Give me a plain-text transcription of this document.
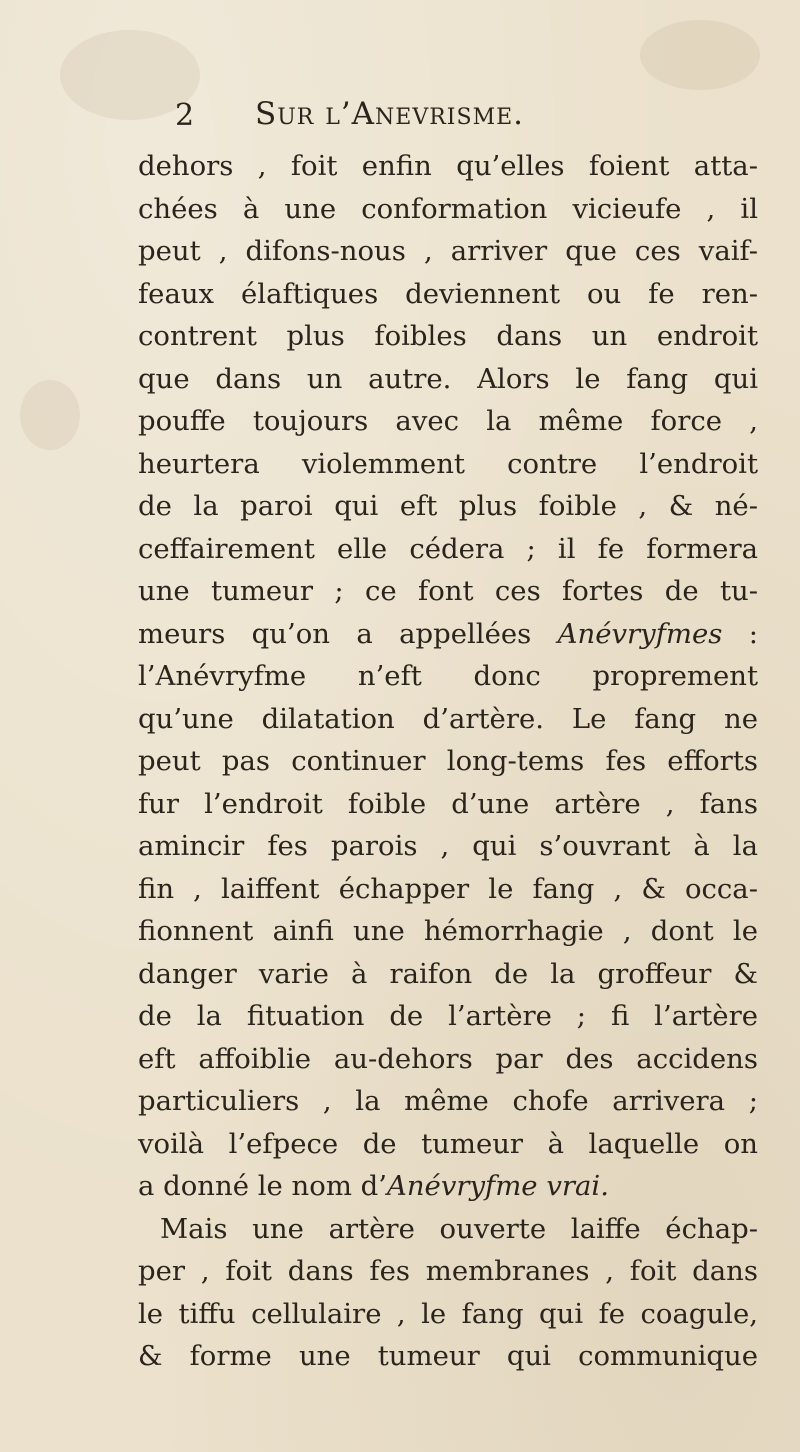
2 Sur l’Anevrisme.
dehors , foit enfin qu’elles foient atta-
chées à une conformation vicieufe , il
peut , difons-nous , arriver que ces vaif-
feaux élaftiques deviennent ou fe ren-
contrent plus foibles dans un endroit
que dans un autre. Alors le fang qui
pouffe toujours avec la même force ,
heurtera violemment contre l’endroit
de la paroi qui eft plus foible , & né-
ceffairement elle cédera ; il fe formera
une tumeur ; ce font ces fortes de tu-
meurs qu’on a appellées Anévryfmes :
l’Anévryfme n’eft donc proprement
qu’une dilatation d’artère. Le fang ne
peut pas continuer long-tems fes efforts
fur l’endroit foible d’une artère , fans
amincir fes parois , qui s’ouvrant à la
fin , laiffent échapper le fang , & occa-
fionnent ainfi une hémorrhagie , dont le
danger varie à raifon de la groffeur &
de la fituation de l’artère ; fi l’artère
eft affoiblie au-dehors par des accidens
particuliers , la même chofe arrivera ;
voilà l’efpece de tumeur à laquelle on
a donné le nom d’Anévryfme vrai.
Mais une artère ouverte laiffe échap-
per , foit dans fes membranes , foit dans
le tiffu cellulaire , le fang qui fe coagule,
& forme une tumeur qui communique
